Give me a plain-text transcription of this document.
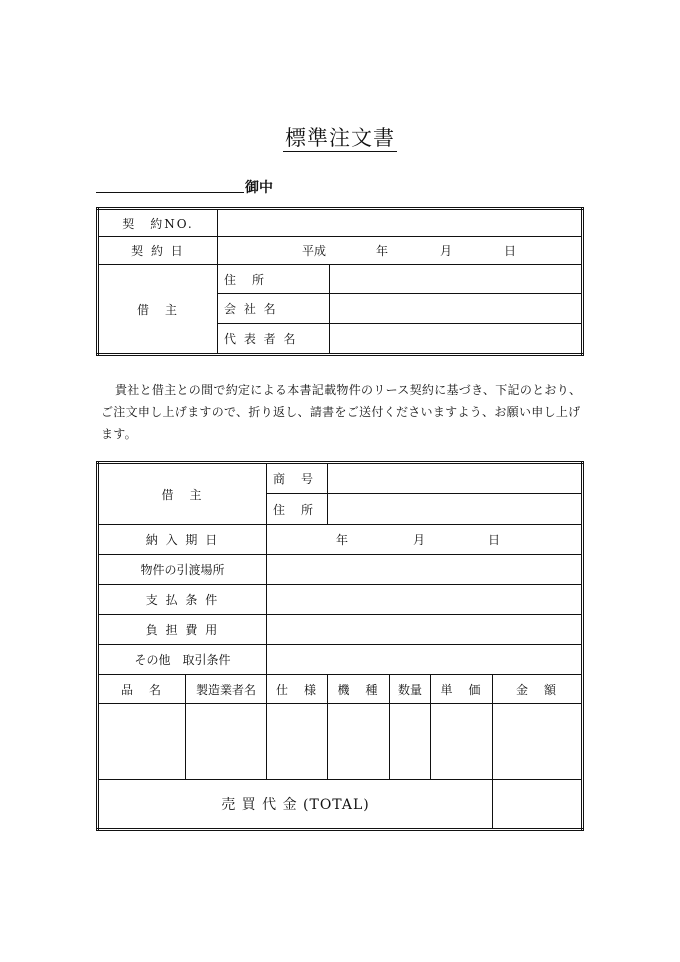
標準注文書
御中
契　約NO.		
契 約 日	平成 年 月 日	

借　主	住　所	

会 社 名	

代 表 者 名	

貴社と借主との間で約定による本書記載物件のリース契約に基づき、下記のとおり、ご注文申し上げますので、折り返し、請書をご送付くださいますよう、お願い申し上げます。
借　主		商　号				

住　所				

納 入 期 日		年 月 日				

物件の引渡場所						
支 払 条 件						
負 担 費 用						
その他　取引条件						
品　名	製造業者名	仕　様	機　種	数量	単　価	金　額

売 買 代 金 (TOTAL)						
